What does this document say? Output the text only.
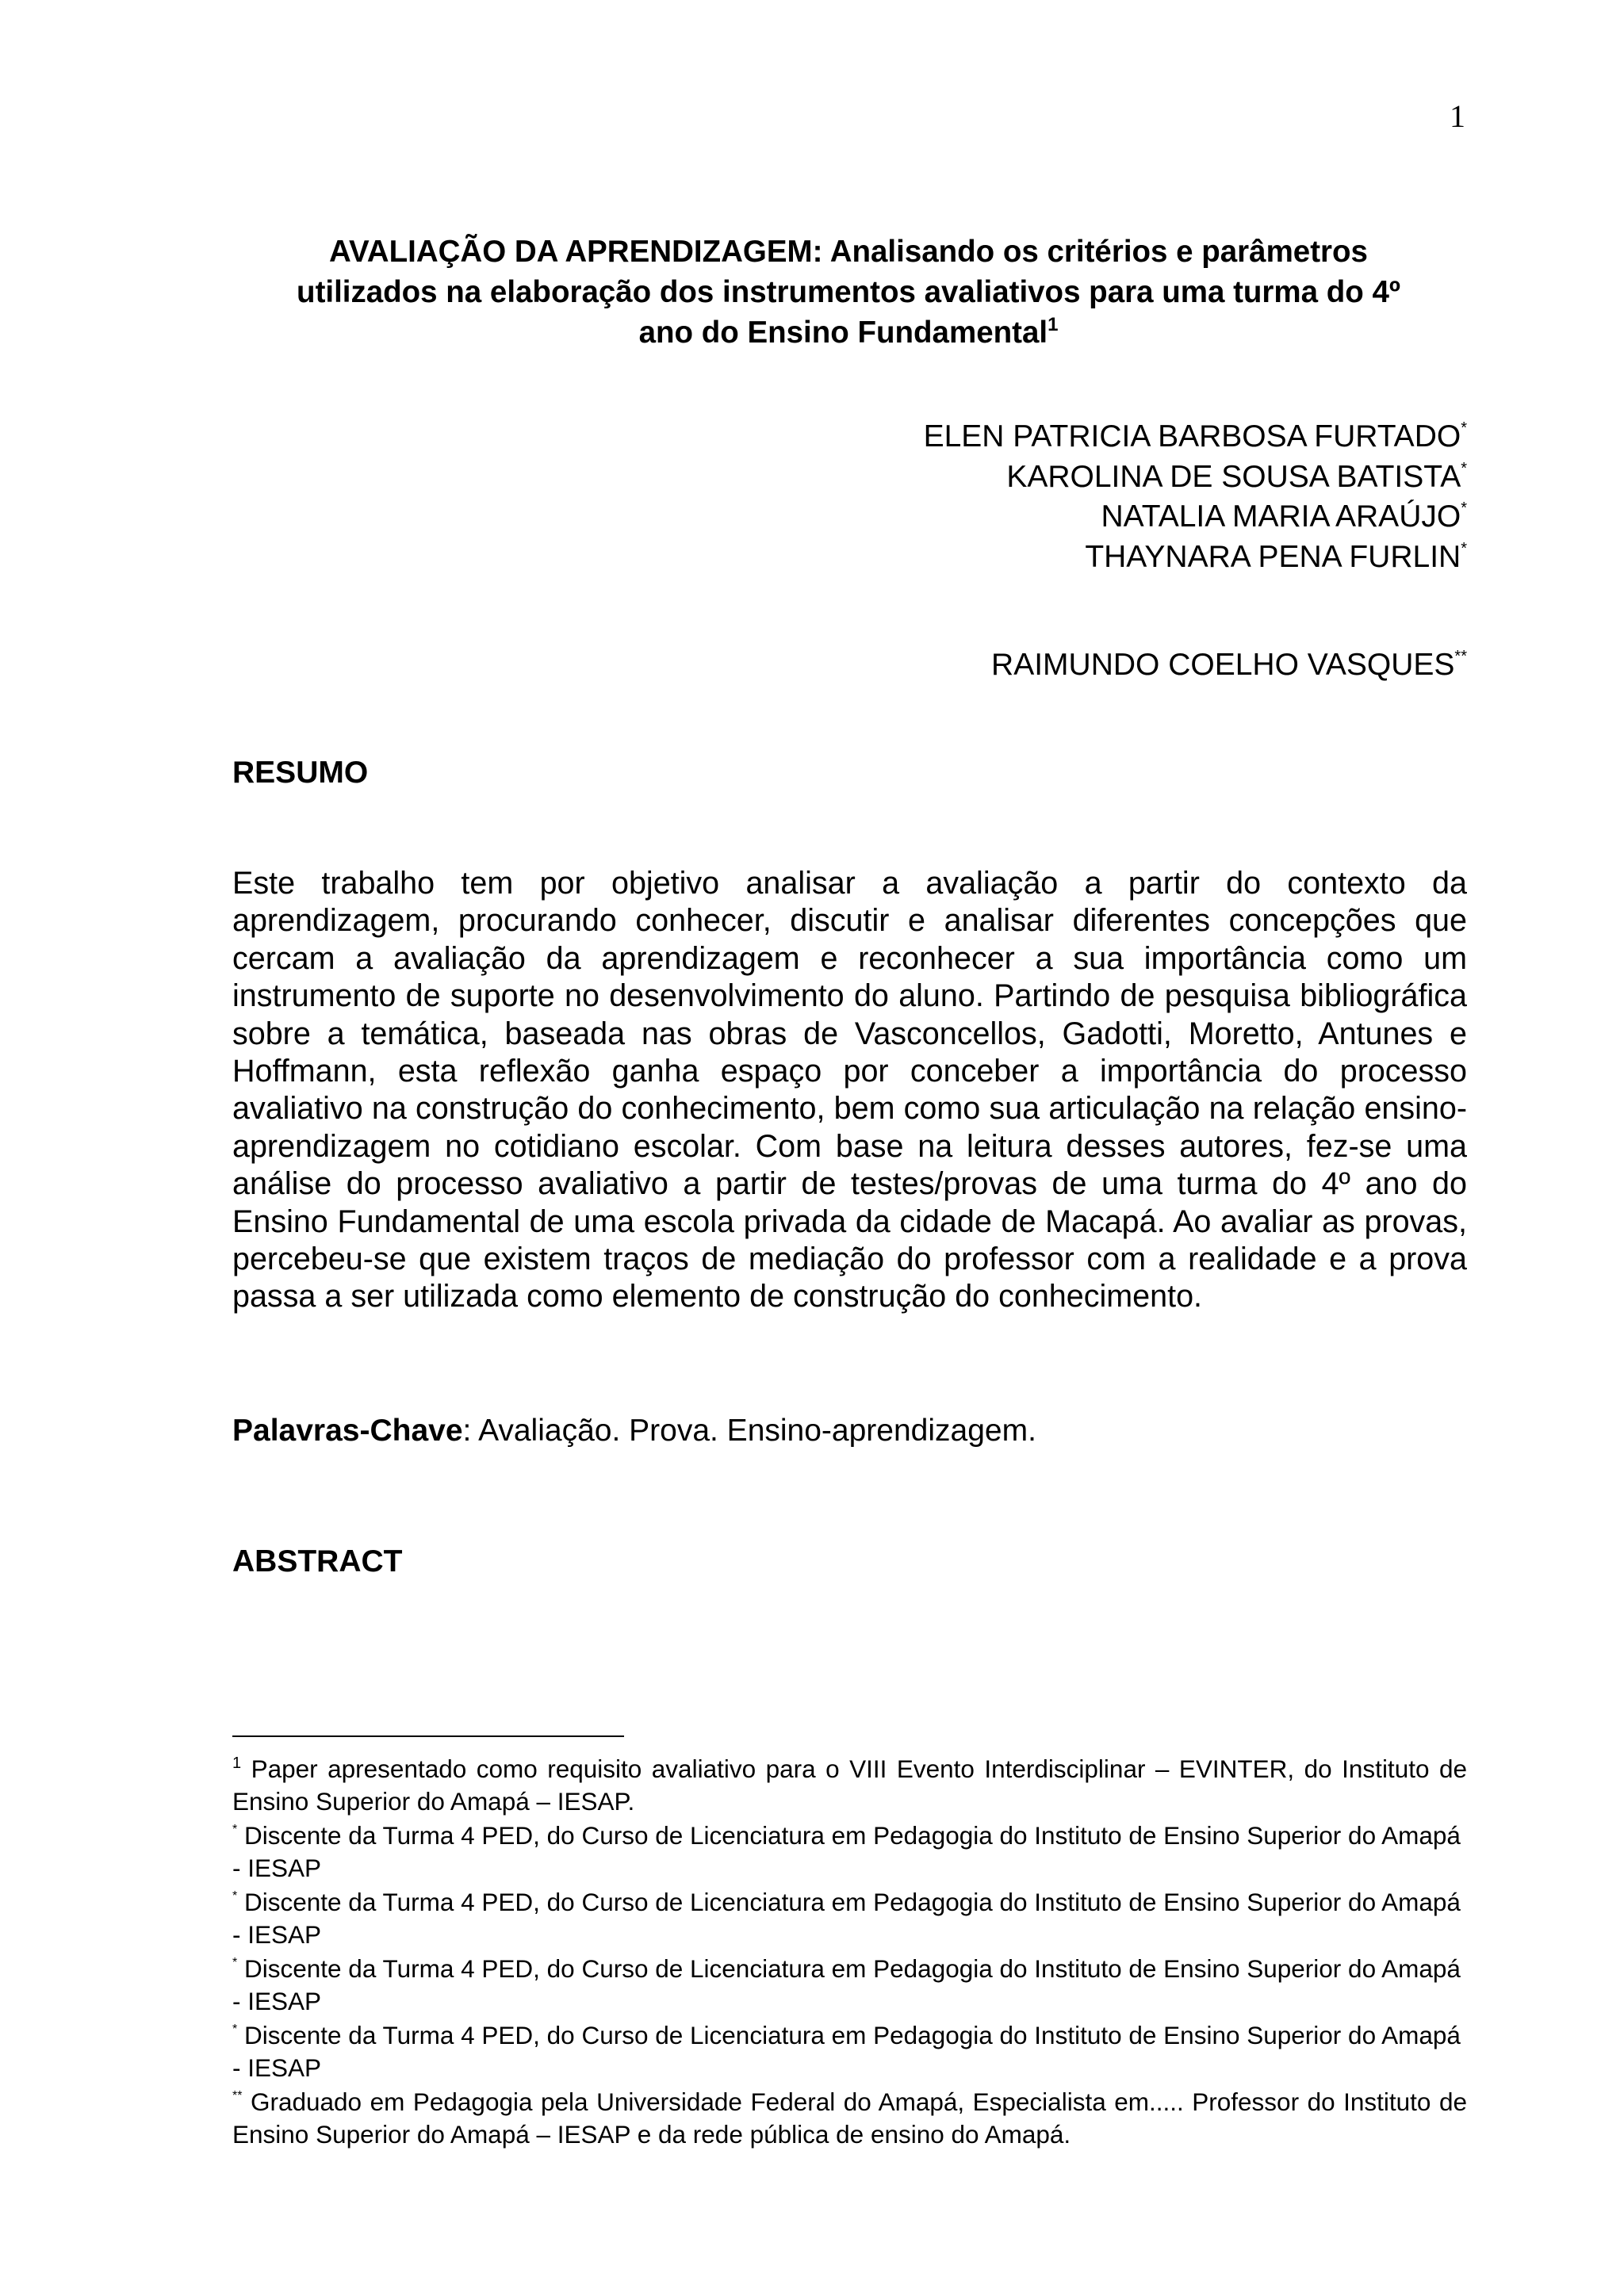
1
AVALIAÇÃO DA APRENDIZAGEM: Analisando os critérios e parâmetros
utilizados na elaboração dos instrumentos avaliativos para uma turma do 4º
ano do Ensino Fundamental$^1$
ELEN PATRICIA BARBOSA FURTADO*
KAROLINA DE SOUSA BATISTA*
NATALIA MARIA ARAÚJO*
THAYNARA PENA FURLIN*
RAIMUNDO COELHO VASQUES**
RESUMO
Este trabalho tem por objetivo analisar a avaliação a partir do contexto da aprendizagem, procurando conhecer, discutir e analisar diferentes concepções que cercam a avaliação da aprendizagem e reconhecer a sua importância como um instrumento de suporte no desenvolvimento do aluno. Partindo de pesquisa bibliográfica sobre a temática, baseada nas obras de Vasconcellos, Gadotti, Moretto, Antunes e Hoffmann, esta reflexão ganha espaço por conceber a importância do processo avaliativo na construção do conhecimento, bem como sua articulação na relação ensino-aprendizagem no cotidiano escolar. Com base na leitura desses autores, fez-se uma análise do processo avaliativo a partir de testes/provas de uma turma do 4º ano do Ensino Fundamental de uma escola privada da cidade de Macapá. Ao avaliar as provas, percebeu-se que existem traços de mediação do professor com a realidade e a prova passa a ser utilizada como elemento de construção do conhecimento.
Palavras-Chave: Avaliação. Prova. Ensino-aprendizagem.
ABSTRACT
$^1$ Paper apresentado como requisito avaliativo para o VIII Evento Interdisciplinar – EVINTER, do Instituto de Ensino Superior do Amapá – IESAP.
* Discente da Turma 4 PED, do Curso de Licenciatura em Pedagogia do Instituto de Ensino Superior do Amapá - IESAP
* Discente da Turma 4 PED, do Curso de Licenciatura em Pedagogia do Instituto de Ensino Superior do Amapá - IESAP
* Discente da Turma 4 PED, do Curso de Licenciatura em Pedagogia do Instituto de Ensino Superior do Amapá - IESAP
* Discente da Turma 4 PED, do Curso de Licenciatura em Pedagogia do Instituto de Ensino Superior do Amapá - IESAP
** Graduado em Pedagogia pela Universidade Federal do Amapá, Especialista em..... Professor do Instituto de Ensino Superior do Amapá – IESAP e da rede pública de ensino do Amapá.
